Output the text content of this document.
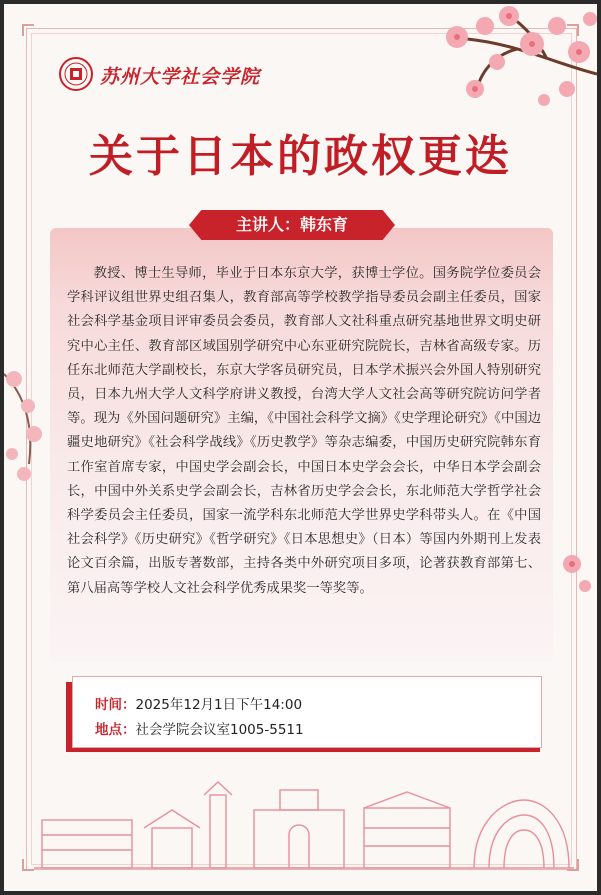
苏州大学社会学院
关于日本的政权更迭
主讲人：韩东育

教授、博士生导师，毕业于日本东京大学，获博士学位。国务院学位委员会学科评议组世界史组召集人，教育部高等学校教学指导委员会副主任委员，国家社会科学基金项目评审委员会委员，教育部人文社科重点研究基地世界文明史研究中心主任、教育部区域国别学研究中心东亚研究院院长，吉林省高级专家。历任东北师范大学副校长，东京大学客员研究员，日本学术振兴会外国人特别研究员，日本九州大学人文科学府讲义教授，台湾大学人文社会高等研究院访问学者等。现为《外国问题研究》主编，《中国社会科学文摘》《史学理论研究》《中国边疆史地研究》《社会科学战线》《历史教学》等杂志编委，中国历史研究院韩东育工作室首席专家，中国史学会副会长，中国日本史学会会长，中华日本学会副会长，中国中外关系史学会副会长，吉林省历史学会会长，东北师范大学哲学社会科学委员会主任委员，国家一流学科东北师范大学世界史学科带头人。在《中国社会科学》《历史研究》《哲学研究》《日本思想史》（日本）等国内外期刊上发表论文百余篇，出版专著数部，主持各类中外研究项目多项，论著获教育部第七、第八届高等学校人文社会科学优秀成果奖一等奖等。

时间：2025年12月1日下午14:00
地点：社会学院会议室1005-5511
